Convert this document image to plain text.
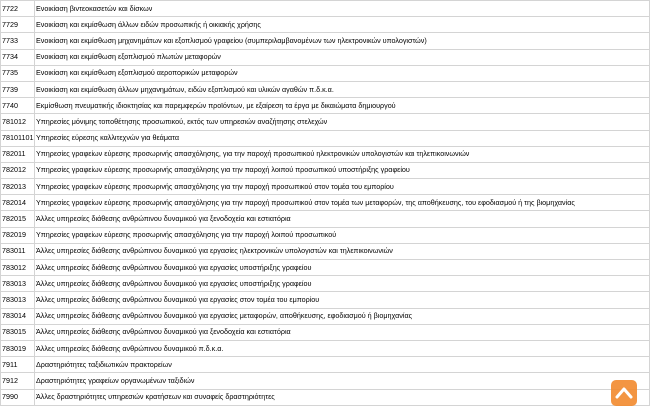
7722	Ενοικίαση βιντεοκασετών και δίσκων
7729	Ενοικίαση και εκμίσθωση άλλων ειδών προσωπικής ή οικιακής χρήσης
7733	Ενοικίαση και εκμίσθωση μηχανημάτων και εξοπλισμού γραφείου (συμπεριλαμβανομένων των ηλεκτρονικών υπολογιστών)
7734	Ενοικίαση και εκμίσθωση εξοπλισμού πλωτών μεταφορών
7735	Ενοικίαση και εκμίσθωση εξοπλισμού αεροπορικών μεταφορών
7739	Ενοικίαση και εκμίσθωση άλλων μηχανημάτων, ειδών εξοπλισμού και υλικών αγαθών π.δ.κ.α.
7740	Εκμίσθωση πνευματικής ιδιοκτησίας και παρεμφερών προϊόντων, με εξαίρεση τα έργα με δικαιώματα δημιουργού
781012	Υπηρεσίες μόνιμης τοποθέτησης προσωπικού, εκτός των υπηρεσιών αναζήτησης στελεχών
78101101	Υπηρεσίες εύρεσης καλλιτεχνών για θεάματα
782011	Υπηρεσίες γραφείων εύρεσης προσωρινής απασχόλησης, για την παροχή προσωπικού ηλεκτρονικών υπολογιστών και τηλεπικοινωνιών
782012	Υπηρεσίες γραφείων εύρεσης προσωρινής απασχόλησης για την παροχή λοιπού προσωπικού υποστήριξης γραφείου
782013	Υπηρεσίες γραφείων εύρεσης προσωρινής απασχόλησης για την παροχή προσωπικού στον τομέα του εμπορίου
782014	Υπηρεσίες γραφείων εύρεσης προσωρινής απασχόλησης για την παροχή προσωπικού στον τομέα των μεταφορών, της αποθήκευσης, του εφοδιασμού ή της βιομηχανίας
782015	Άλλες υπηρεσίες διάθεσης ανθρώπινου δυναμικού για ξενοδοχεία και εστιατόρια
782019	Υπηρεσίες γραφείων εύρεσης προσωρινής απασχόλησης για την παροχή λοιπού προσωπικού
783011	Άλλες υπηρεσίες διάθεσης ανθρώπινου δυναμικού για εργασίες ηλεκτρονικών υπολογιστών και τηλεπικοινωνιών
783012	Άλλες υπηρεσίες διάθεσης ανθρώπινου δυναμικού για εργασίες υποστήριξης γραφείου
783013	Άλλες υπηρεσίες διάθεσης ανθρώπινου δυναμικού για εργασίες υποστήριξης γραφείου
783013	Άλλες υπηρεσίες διάθεσης ανθρώπινου δυναμικού για εργασίες στον τομέα του εμπορίου
783014	Άλλες υπηρεσίες διάθεσης ανθρώπινου δυναμικού για εργασίες μεταφορών, αποθήκευσης, εφοδιασμού ή βιομηχανίας
783015	Άλλες υπηρεσίες διάθεσης ανθρώπινου δυναμικού για ξενοδοχεία και εστιατόρια
783019	Άλλες υπηρεσίες διάθεσης ανθρώπινου δυναμικού π.δ.κ.α.
7911	Δραστηριότητες ταξιδιωτικών πρακτορείων
7912	Δραστηριότητες γραφείων οργανωμένων ταξιδιών
7990	Άλλες δραστηριότητες υπηρεσιών κρατήσεων και συναφείς δραστηριότητες
